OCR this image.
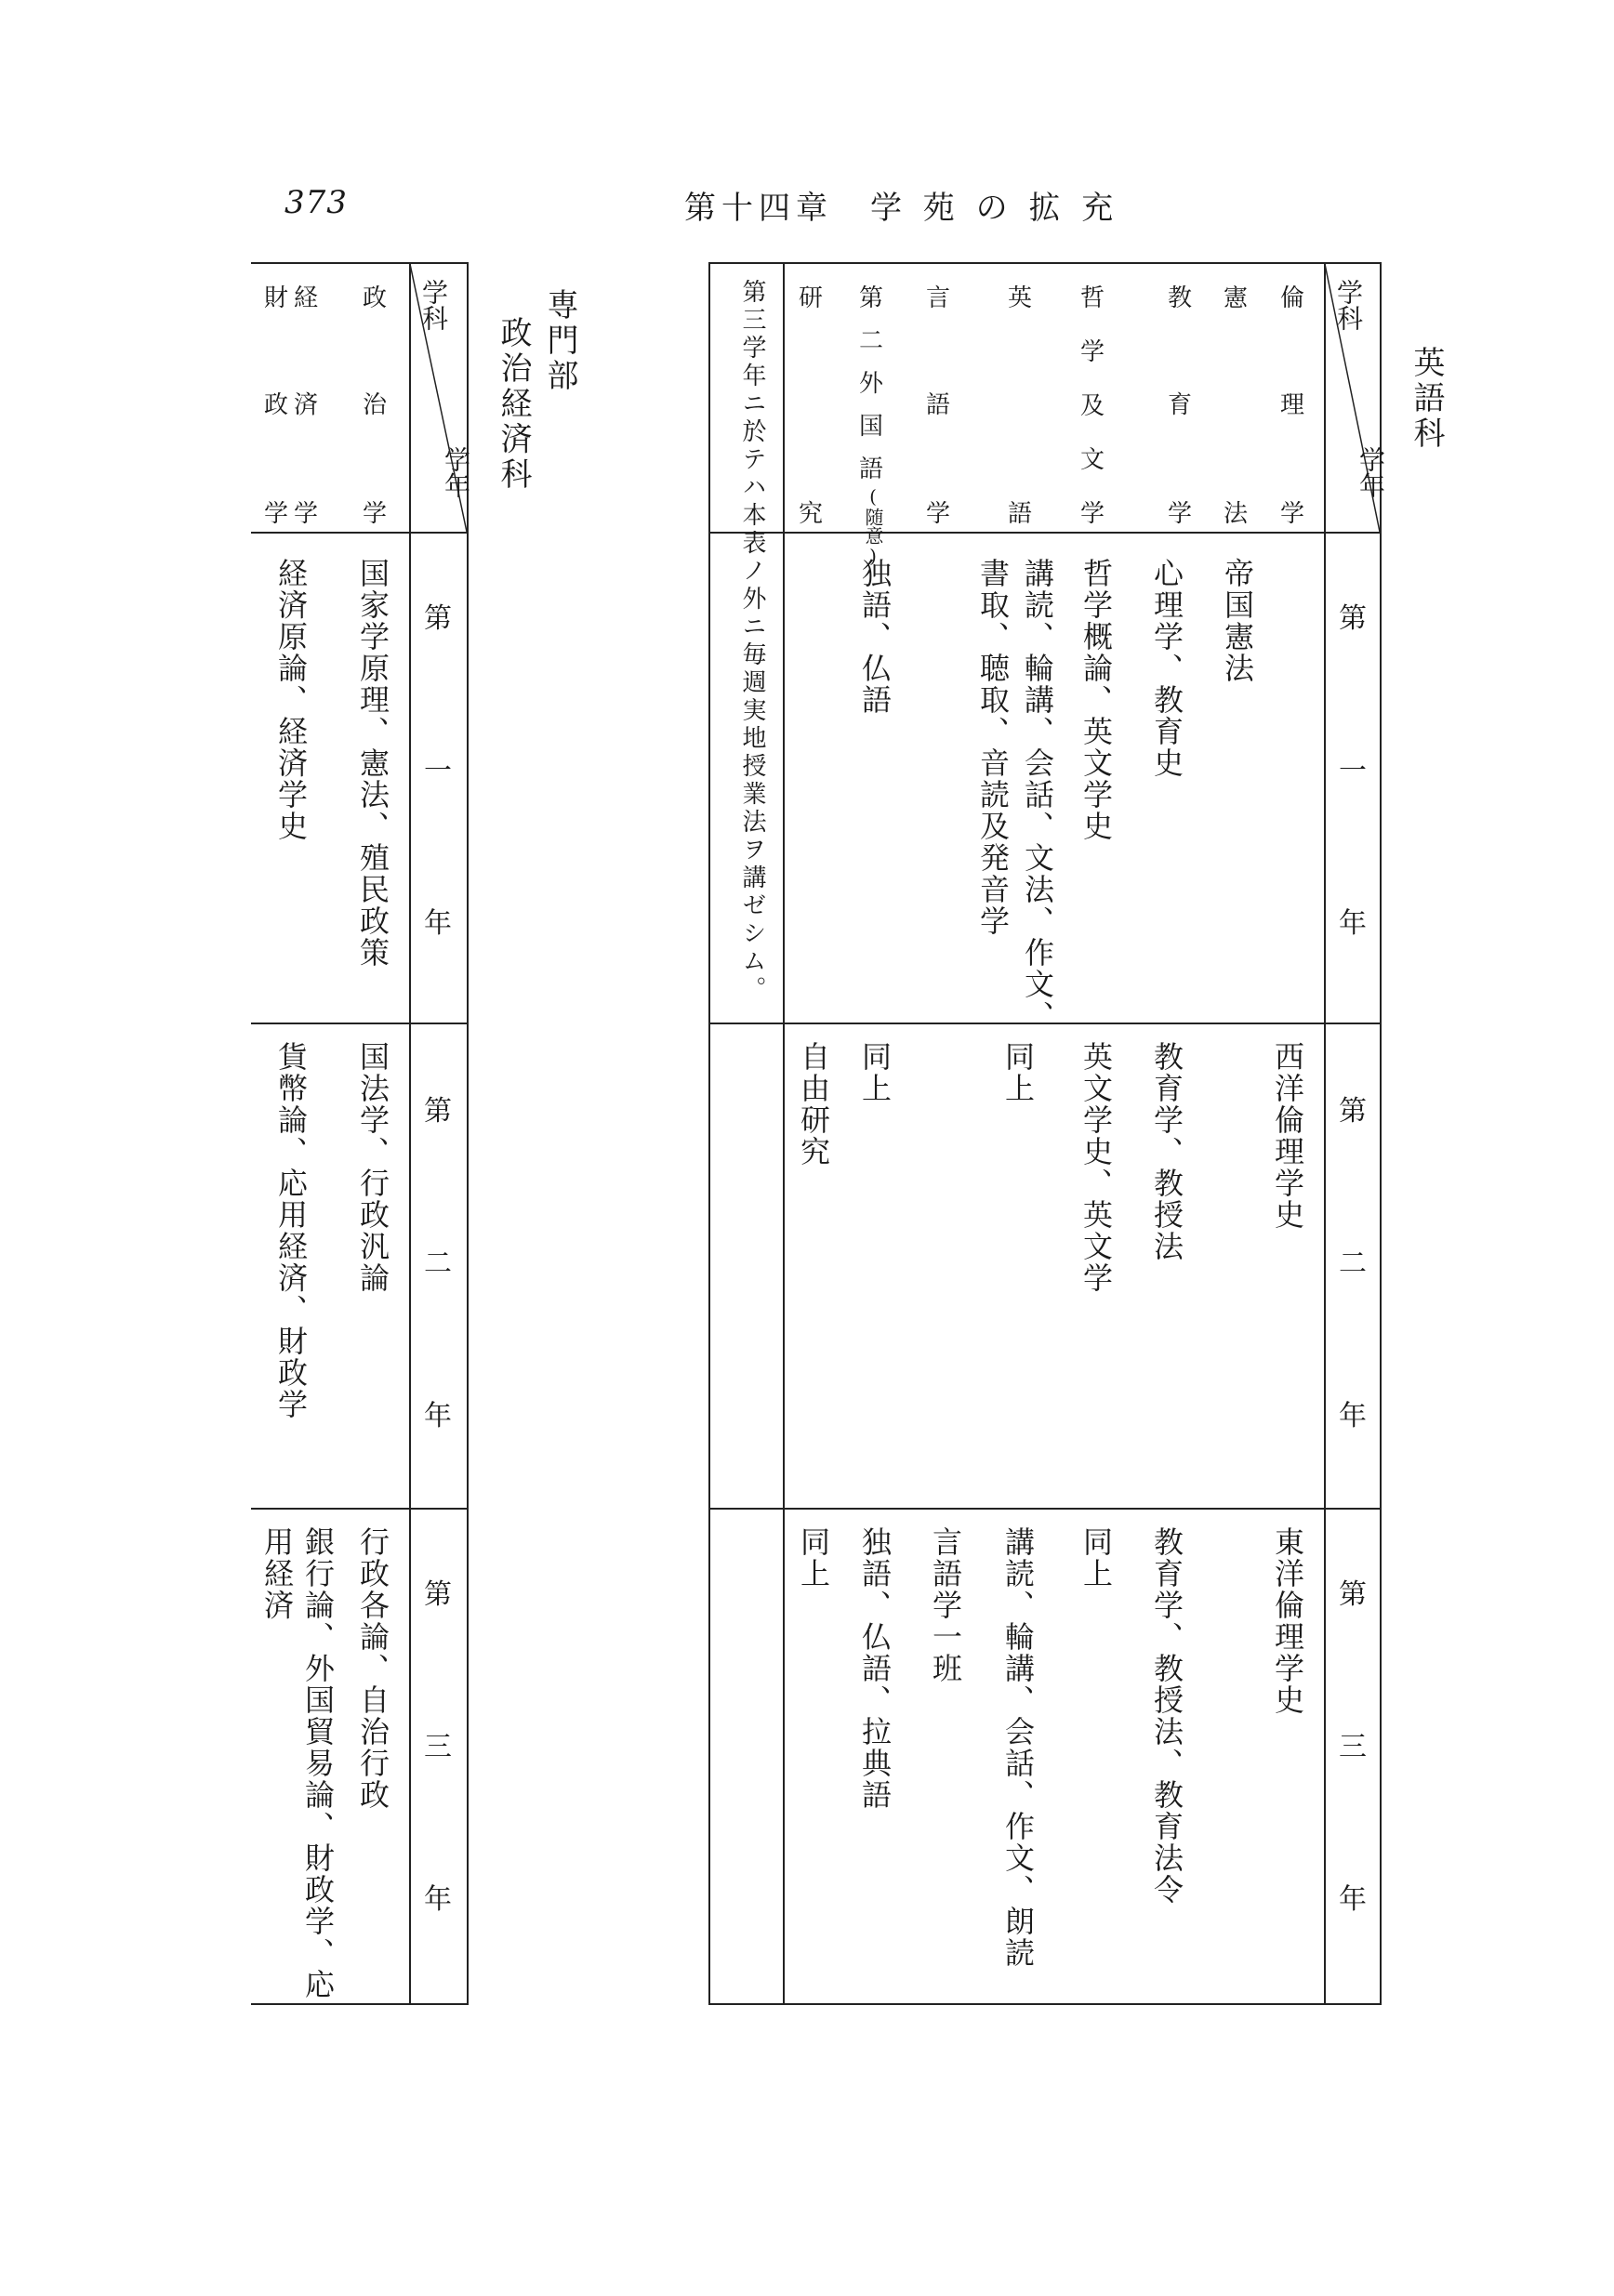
373	第十四章　学 苑 の 拡 充
英語科
学科
学年
第
一
年
第
二
年
第
三
年
倫
理
学
憲
法
教
育
学
哲
学
及
文
学
英
語
言
語
学
第
二
外
国
語
(随意)
研
究
帝国憲法
心理学、教育史
哲学概論、英文学史
講読、輪講、会話、文法、作文、
書取、聴取、音読及発音学
独語、仏語
西洋倫理学史
教育学、教授法
英文学史、英文学
同上
同上
自由研究
東洋倫理学史
教育学、教授法、教育法令
同上
講読、輪講、会話、作文、朗読
言語学一班
独語、仏語、拉典語
同上
第三学年ニ於テハ本表ノ外ニ毎週実地授業法ヲ講ゼシム。
専門部
政治経済科
学科
学年
第
一
年
第
二
年
第
三
年
政
治
学
経
済
学
財
政
学
国家学原理、憲法、殖民政策
経済原論、経済学史
国法学、行政汎論
貨幣論、応用経済、財政学
行政各論、自治行政
銀行論、外国貿易論、財政学、応
用経済
